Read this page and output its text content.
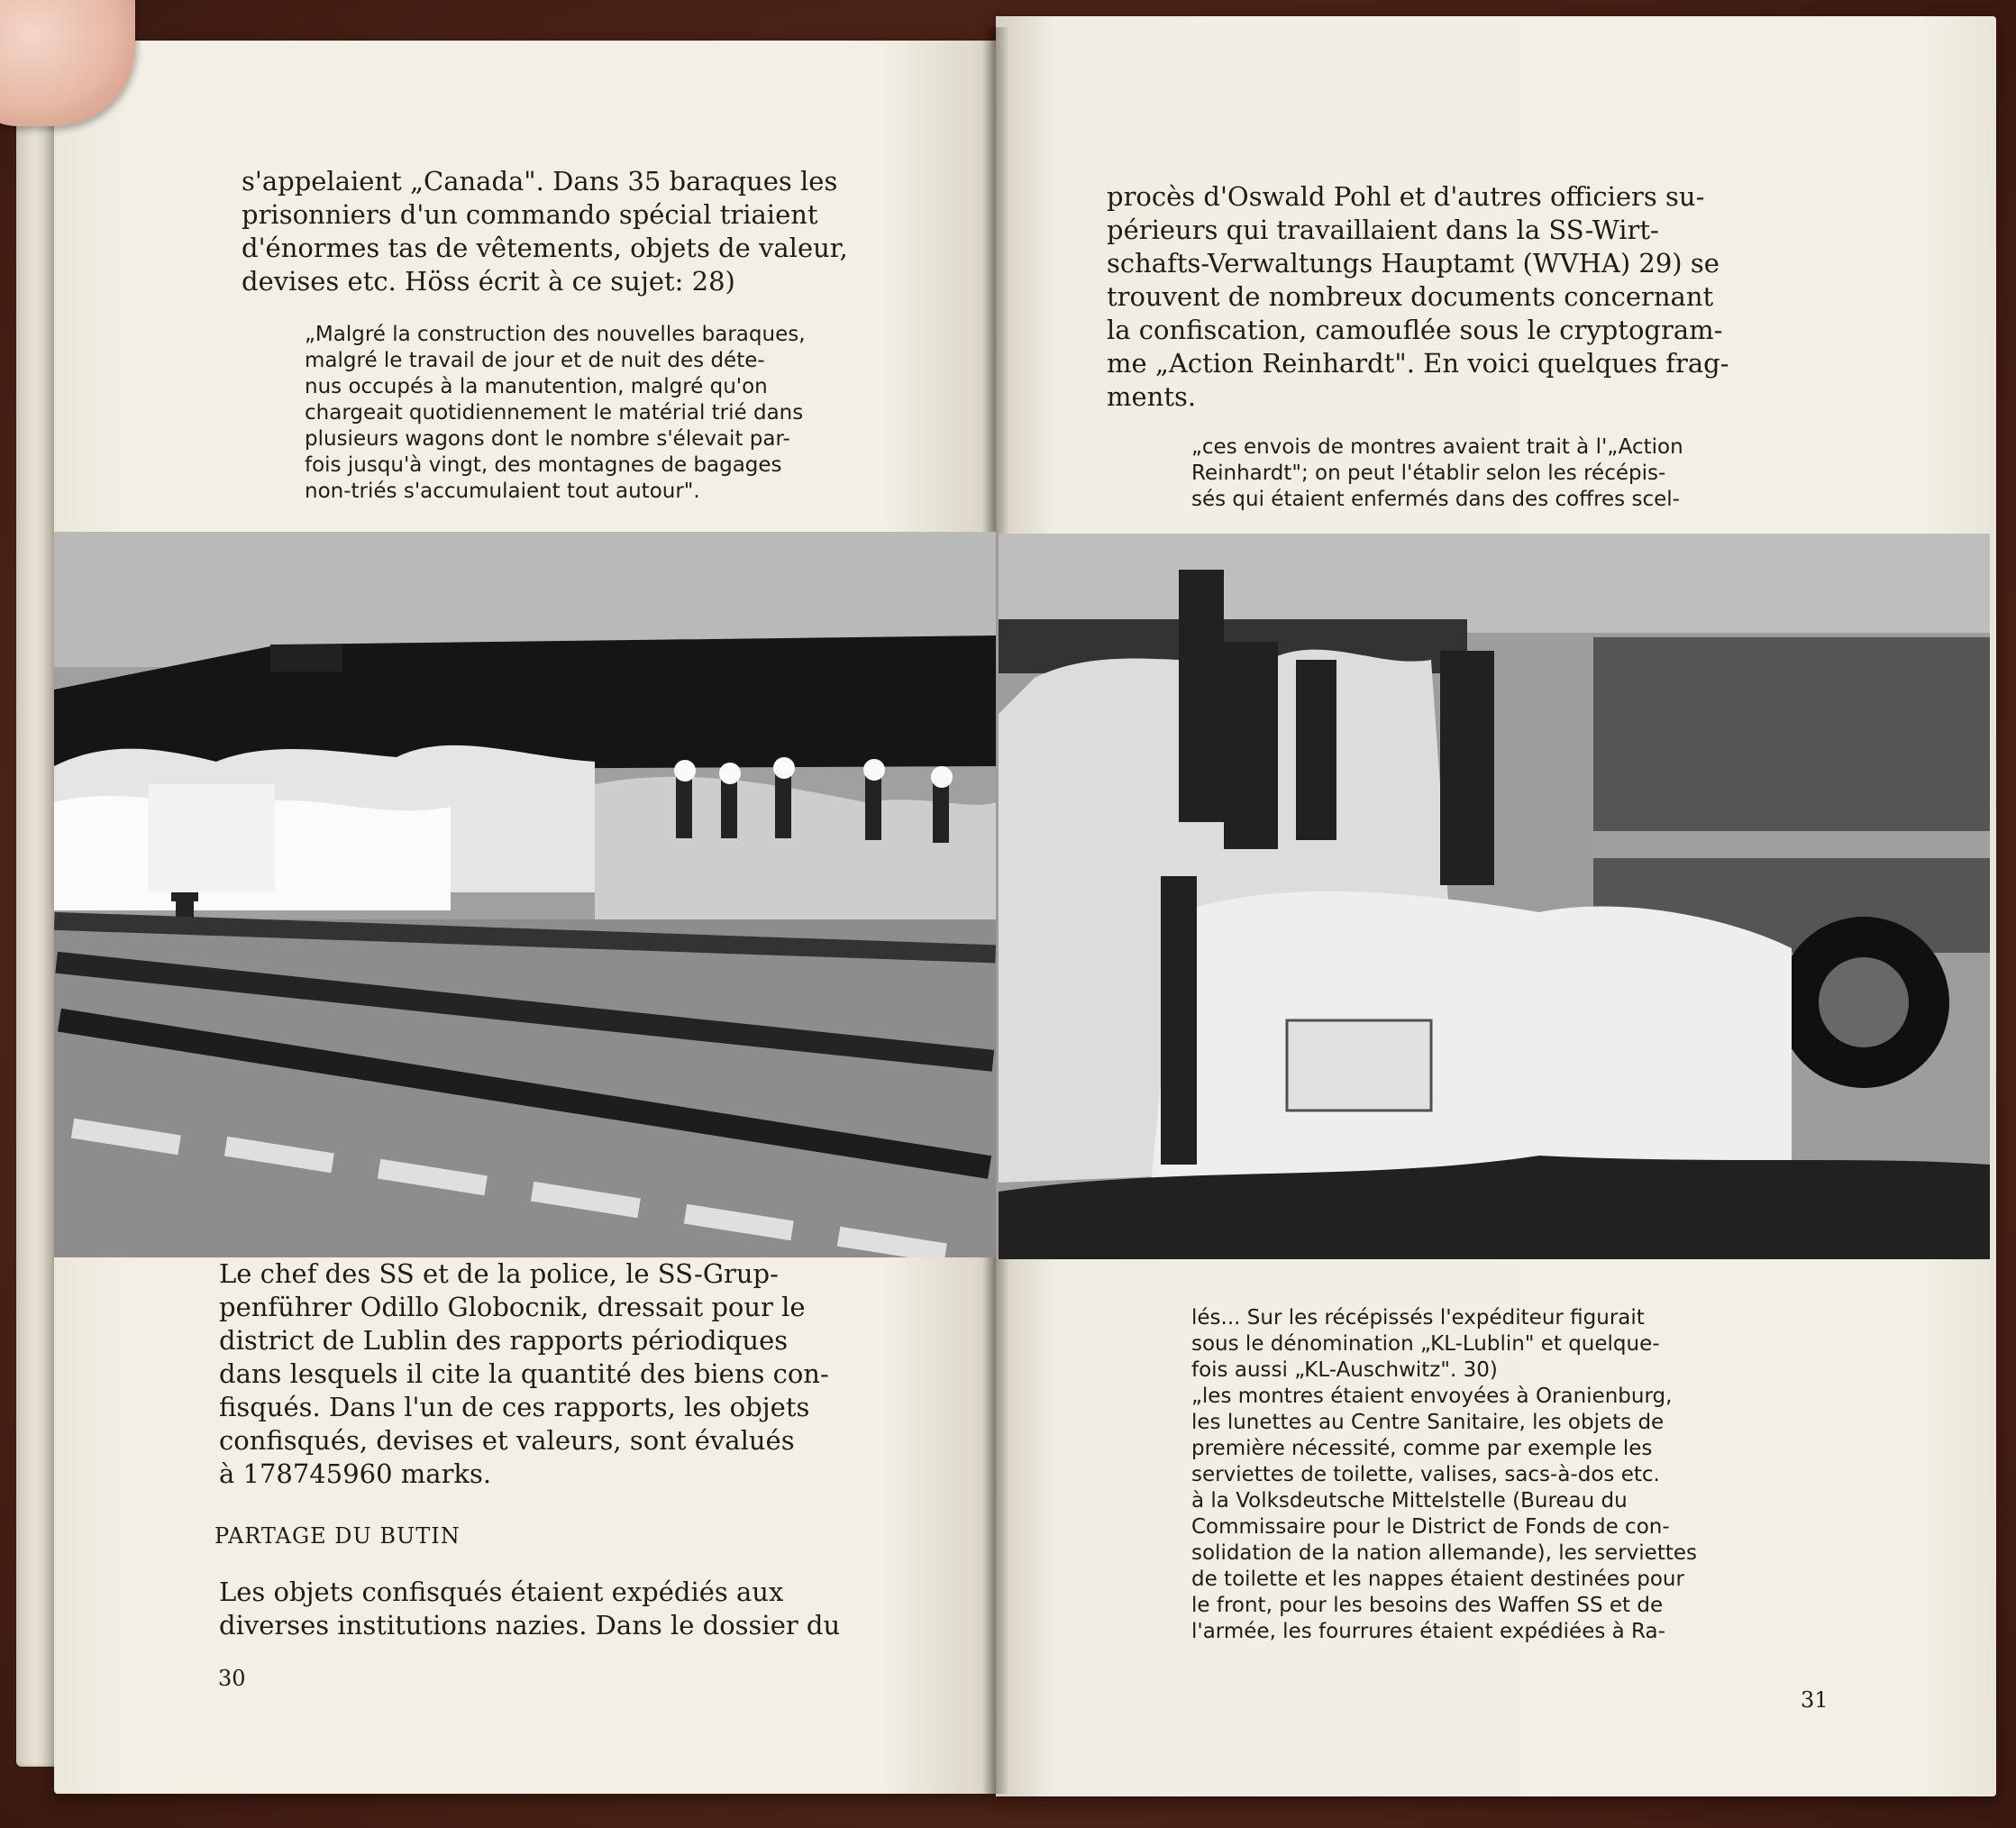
s'appelaient „Canada". Dans 35 baraques les
prisonniers d'un commando spécial triaient
d'énormes tas de vêtements, objets de valeur,
devises etc. Höss écrit à ce sujet: 28)
„Malgré la construction des nouvelles baraques,
malgré le travail de jour et de nuit des déte-
nus occupés à la manutention, malgré qu'on
chargeait quotidiennement le matérial trié dans
plusieurs wagons dont le nombre s'élevait par-
fois jusqu'à vingt, des montagnes de bagages
non-triés s'accumulaient tout autour".
Le chef des SS et de la police, le SS-Grup-
penführer Odillo Globocnik, dressait pour le
district de Lublin des rapports périodiques
dans lesquels il cite la quantité des biens con-
fisqués. Dans l'un de ces rapports, les objets
confisqués, devises et valeurs, sont évalués
à 178745960 marks.
PARTAGE DU BUTIN
Les objets confisqués étaient expédiés aux
diverses institutions nazies. Dans le dossier du
30
procès d'Oswald Pohl et d'autres officiers su-
périeurs qui travaillaient dans la SS-Wirt-
schafts-Verwaltungs Hauptamt (WVHA) 29) se
trouvent de nombreux documents concernant
la confiscation, camouflée sous le cryptogram-
me „Action Reinhardt". En voici quelques frag-
ments.
„ces envois de montres avaient trait à l'„Action
Reinhardt"; on peut l'établir selon les récépis-
sés qui étaient enfermés dans des coffres scel-
lés... Sur les récépissés l'expéditeur figurait
sous le dénomination „KL-Lublin" et quelque-
fois aussi „KL-Auschwitz". 30)
„les montres étaient envoyées à Oranienburg,
les lunettes au Centre Sanitaire, les objets de
première nécessité, comme par exemple les
serviettes de toilette, valises, sacs-à-dos etc.
à la Volksdeutsche Mittelstelle (Bureau du
Commissaire pour le District de Fonds de con-
solidation de la nation allemande), les serviettes
de toilette et les nappes étaient destinées pour
le front, pour les besoins des Waffen SS et de
l'armée, les fourrures étaient expédiées à Ra-
31
